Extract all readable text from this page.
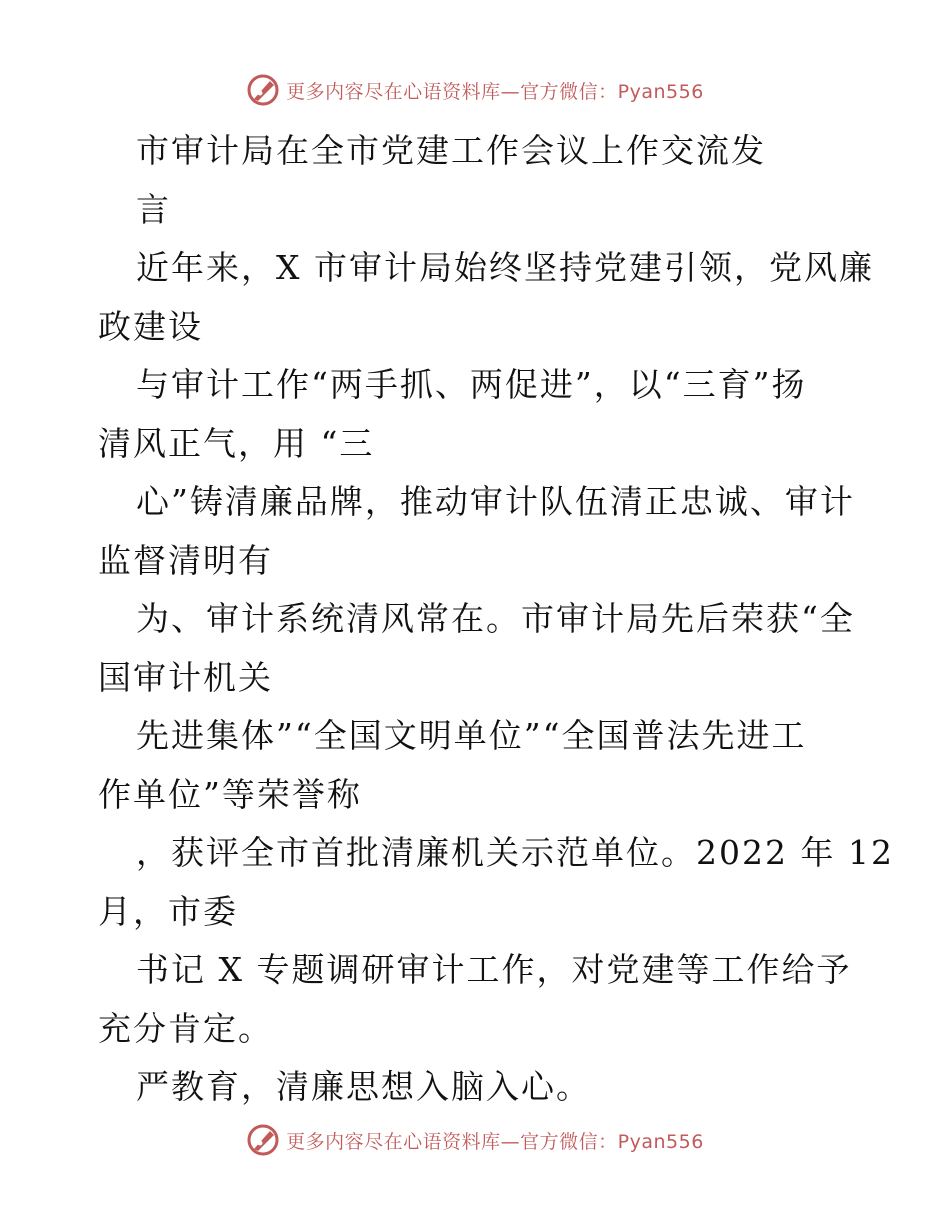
更多内容尽在心语资料库—官方微信：Pyan556
市审计局在全市党建工作会议上作交流发
言
近年来，X 市审计局始终坚持党建引领，党风廉
政建设
与审计工作“两手抓、两促进”，以“三育”扬
清风正气，用 “三
心”铸清廉品牌，推动审计队伍清正忠诚、审计
监督清明有
为、审计系统清风常在。市审计局先后荣获“全
国审计机关
先进集体”“全国文明单位”“全国普法先进工
作单位”等荣誉称
，获评全市首批清廉机关示范单位。2022 年 12
月，市委
书记 X 专题调研审计工作，对党建等工作给予
充分肯定。
严教育，清廉思想入脑入心。
更多内容尽在心语资料库—官方微信：Pyan556
